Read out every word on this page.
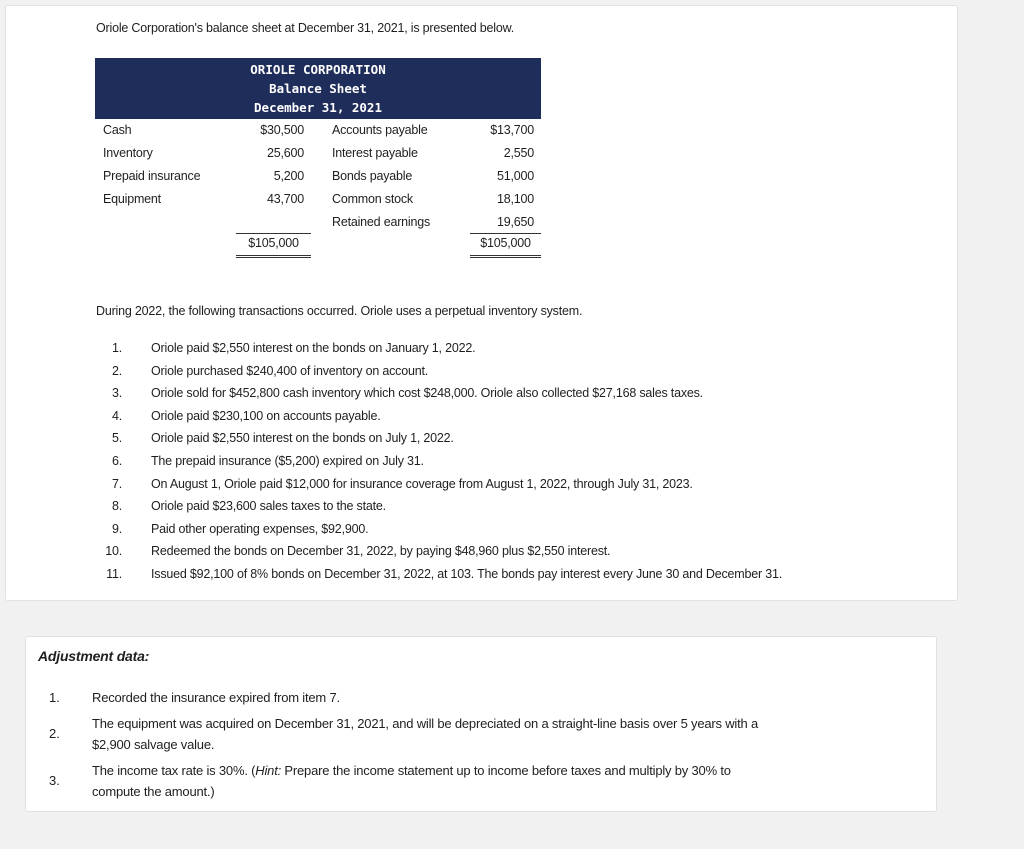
Oriole Corporation's balance sheet at December 31, 2021, is presented below.
ORIOLE CORPORATION
Balance Sheet
December 31, 2021
Cash
Inventory
Prepaid insurance
Equipment
$30,500
25,600
5,200
43,700
Accounts payable
Interest payable
Bonds payable
Common stock
Retained earnings
$13,700
2,550
51,000
18,100
19,650
$105,000	$105,000
During 2022, the following transactions occurred. Oriole uses a perpetual inventory system.
1. Oriole paid $2,550 interest on the bonds on January 1, 2022.
2. Oriole purchased $240,400 of inventory on account.
3. Oriole sold for $452,800 cash inventory which cost $248,000. Oriole also collected $27,168 sales taxes.
4. Oriole paid $230,100 on accounts payable.
5. Oriole paid $2,550 interest on the bonds on July 1, 2022.
6. The prepaid insurance ($5,200) expired on July 31.
7. On August 1, Oriole paid $12,000 for insurance coverage from August 1, 2022, through July 31, 2023.
8. Oriole paid $23,600 sales taxes to the state.
9. Paid other operating expenses, $92,900.
10. Redeemed the bonds on December 31, 2022, by paying $48,960 plus $2,550 interest.
11. Issued $92,100 of 8% bonds on December 31, 2022, at 103. The bonds pay interest every June 30 and December 31.
Adjustment data:
1. Recorded the insurance expired from item 7.
2.
The equipment was acquired on December 31, 2021, and will be depreciated on a straight-line basis over 5 years with a
$2,900 salvage value.
3.
The income tax rate is 30%. (Hint: Prepare the income statement up to income before taxes and multiply by 30% to
compute the amount.)
